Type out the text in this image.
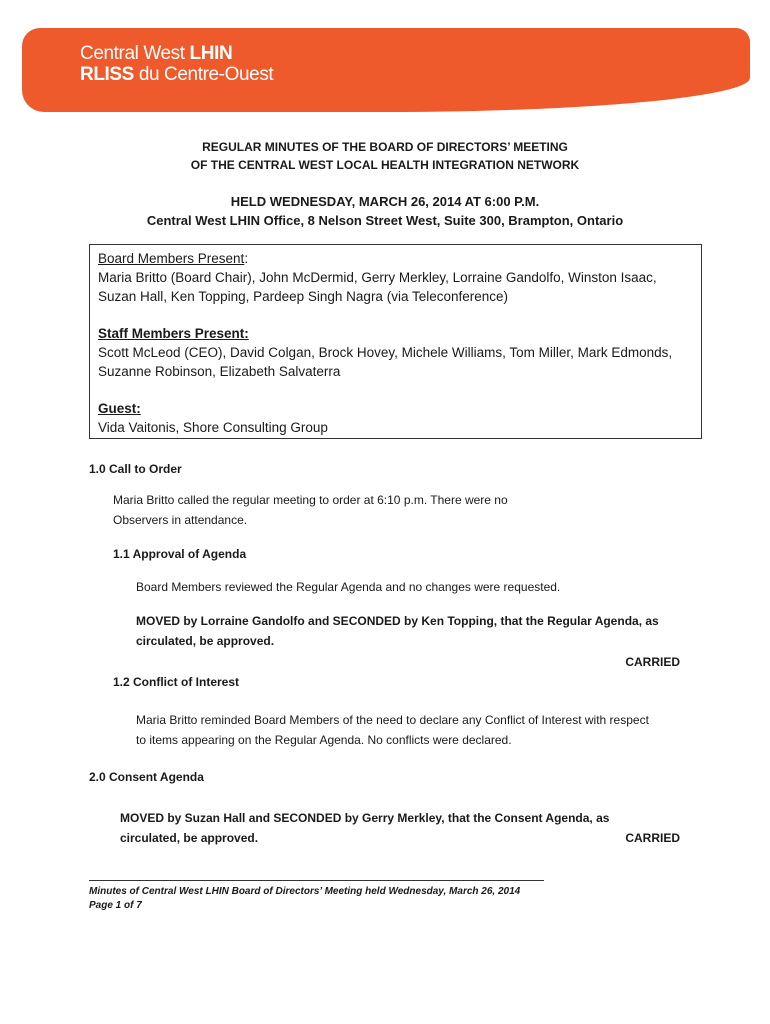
Central West LHIN
RLISS du Centre-Ouest
REGULAR MINUTES OF THE BOARD OF DIRECTORS’ MEETING
OF THE CENTRAL WEST LOCAL HEALTH INTEGRATION NETWORK
HELD WEDNESDAY, MARCH 26, 2014 AT 6:00 P.M.
Central West LHIN Office, 8 Nelson Street West, Suite 300, Brampton, Ontario

Board Members Present:

Maria Britto (Board Chair), John McDermid, Gerry Merkley, Lorraine Gandolfo, Winston Isaac, Suzan Hall, Ken Topping, Pardeep Singh Nagra (via Teleconference)

Staff Members Present:

Scott McLeod (CEO), David Colgan, Brock Hovey, Michele Williams, Tom Miller, Mark Edmonds, Suzanne Robinson, Elizabeth Salvaterra

Guest:

Vida Vaitonis, Shore Consulting Group

1.0 Call to Order
Maria Britto called the regular meeting to order at 6:10 p.m. There were no Observers in attendance.
1.1 Approval of Agenda
Board Members reviewed the Regular Agenda and no changes were requested.
MOVED by Lorraine Gandolfo and SECONDED by Ken Topping, that the Regular Agenda, as circulated, be approved.
CARRIED
1.2 Conflict of Interest
Maria Britto reminded Board Members of the need to declare any Conflict of Interest with respect to items appearing on the Regular Agenda. No conflicts were declared.
2.0 Consent Agenda
MOVED by Suzan Hall and SECONDED by Gerry Merkley, that the Consent Agenda, as circulated, be approved.	CARRIED
Minutes of Central West LHIN Board of Directors’ Meeting held Wednesday, March 26, 2014
Page 1 of 7
